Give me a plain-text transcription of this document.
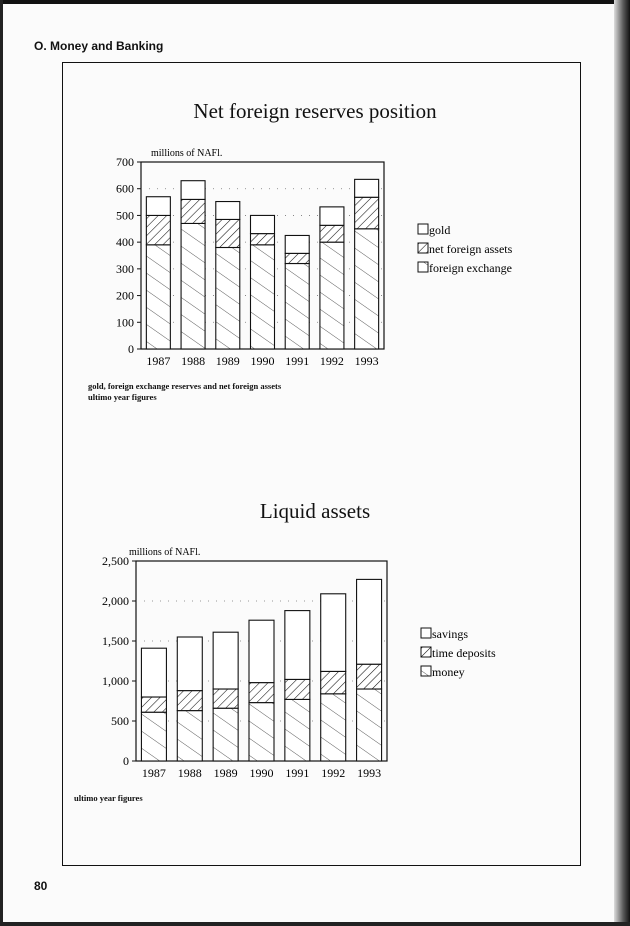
O. Money and Banking
80
Net foreign reserves position
gold, foreign exchange reserves and net foreign assets
ultimo year figures
Liquid assets
ultimo year figures
millions of NAFl.
0
100
200
300
400
500
600
700
1987 1988 1989 1990 1991 1992 1993
gold
net foreign assets
foreign exchange
millions of NAFl.
0
500
1,000
1,500
2,000
2,500
1987 1988 1989 1990 1991 1992 1993
savings
time deposits
money
